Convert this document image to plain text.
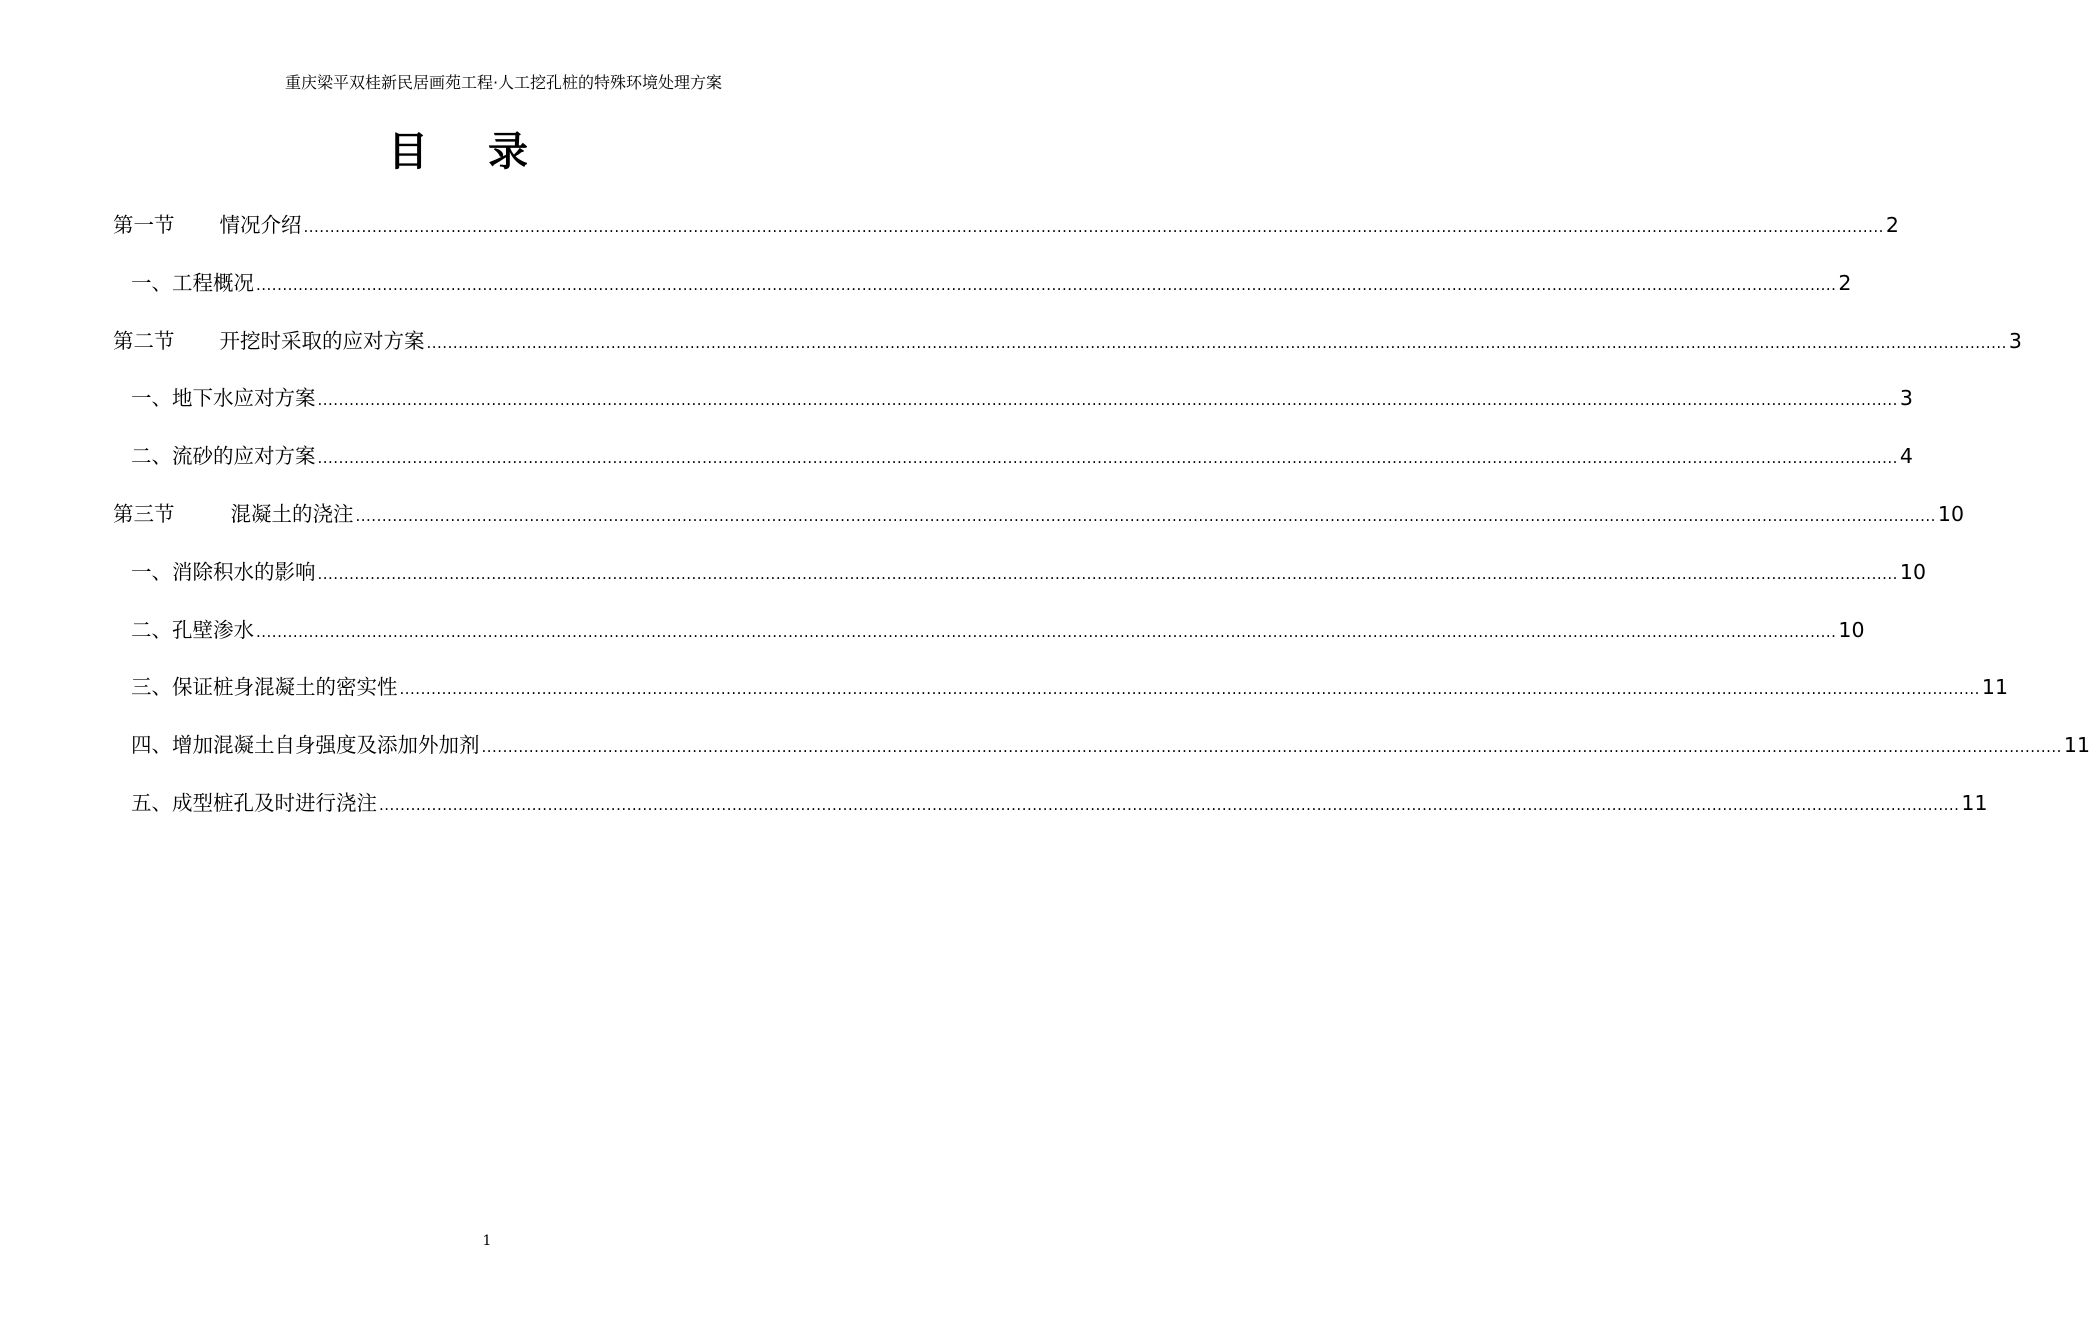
重庆梁平双桂新民居画苑工程·人工挖孔桩的特殊环境处理方案
目录
第一节 情况介绍 ............................................................................................................................................................................................................................................................................................................ 2
一、工程概况 ............................................................................................................................................................................................................................................................................................................ 2
第二节 开挖时采取的应对方案 ............................................................................................................................................................................................................................................................................................................ 3
一、地下水应对方案 ............................................................................................................................................................................................................................................................................................................ 3
二、流砂的应对方案 ............................................................................................................................................................................................................................................................................................................ 4
第三节	混凝土的浇注 ............................................................................................................................................................................................................................................................................................................ 10
一、消除积水的影响 ............................................................................................................................................................................................................................................................................................................ 10
二、孔壁渗水 ............................................................................................................................................................................................................................................................................................................ 10
三、保证桩身混凝土的密实性 ............................................................................................................................................................................................................................................................................................................ 11
四、增加混凝土自身强度及添加外加剂 ............................................................................................................................................................................................................................................................................................................ 11
五、成型桩孔及时进行浇注 ............................................................................................................................................................................................................................................................................................................ 11
1
